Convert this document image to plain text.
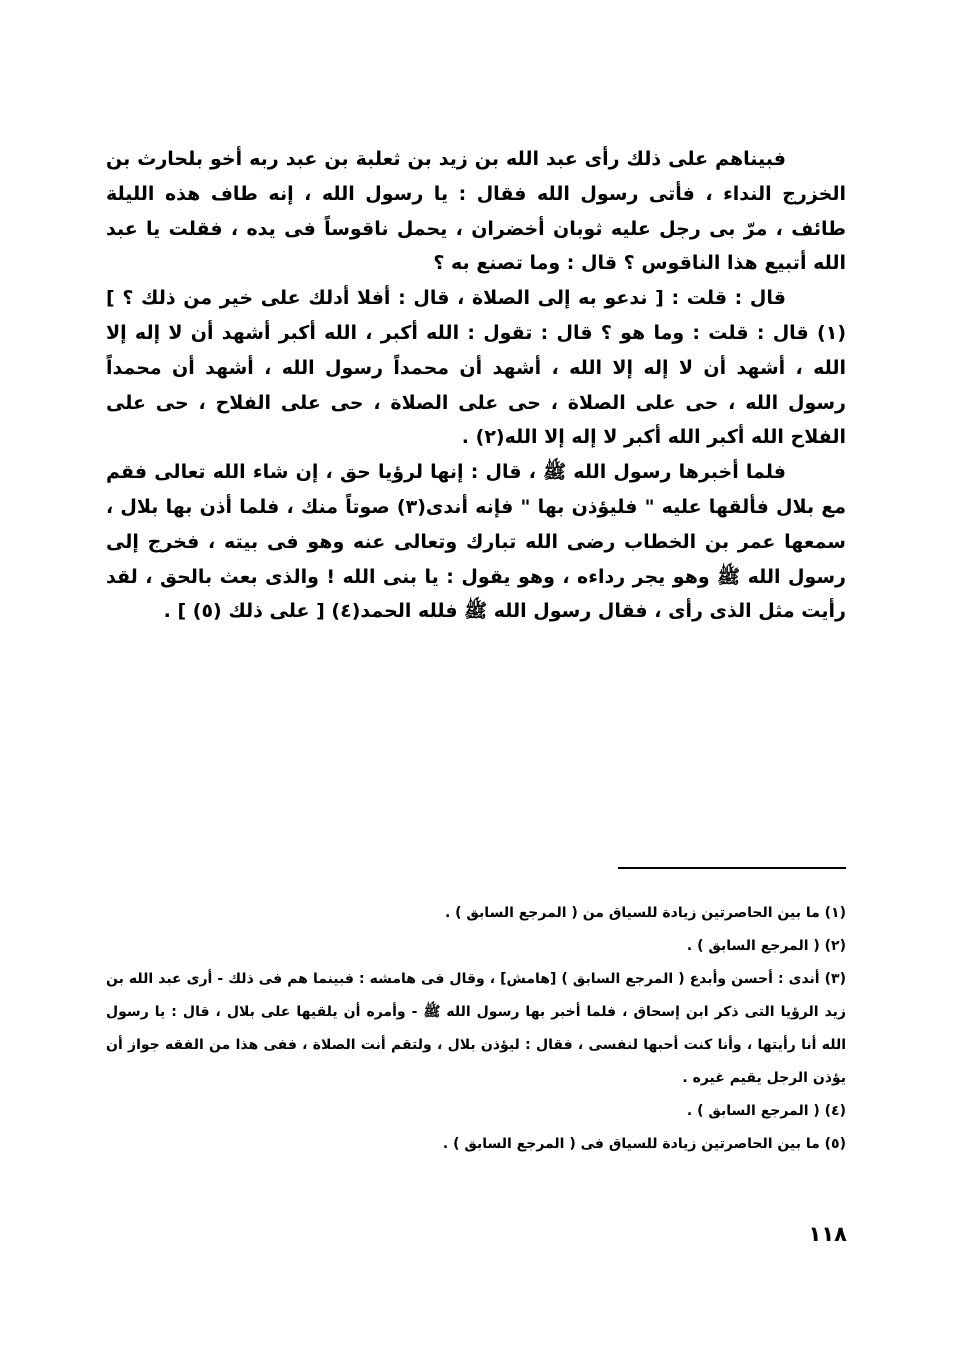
فبيناهم على ذلك رأى عبد الله بن زيد بن ثعلبة بن عبد ربه أخو بلحارث بن الخزرج النداء ، فأتى رسول الله فقال : يا رسول الله ، إنه طاف هذه الليلة طائف ، مرّ بى رجل عليه ثوبان أخضران ، يحمل ناقوساً فى يده ، فقلت يا عبد الله أتبيع هذا الناقوس ؟ قال : وما تصنع به ؟

قال : قلت : [ ندعو به إلى الصلاة ، قال : أفلا أدلك على خير من ذلك ؟ ](١) قال : قلت : وما هو ؟ قال : تقول : الله أكبر ، الله أكبر أشهد أن لا إله إلا الله ، أشهد أن لا إله إلا الله ، أشهد أن محمداً رسول الله ، أشهد أن محمداً رسول الله ، حى على الصلاة ، حى على الصلاة ، حى على الفلاح ، حى على الفلاح الله أكبر الله أكبر لا إله إلا الله(٢) .

فلما أخبرها رسول الله ﷺ ، قال : إنها لرؤيا حق ، إن شاء الله تعالى فقم مع بلال فألقها عليه " فليؤذن بها " فإنه أندى(٣) صوتاً منك ، فلما أذن بها بلال ، سمعها عمر بن الخطاب رضى الله تبارك وتعالى عنه وهو فى بيته ، فخرج إلى رسول الله ﷺ وهو يجر رداءه ، وهو يقول : يا بنى الله ! والذى بعث بالحق ، لقد رأيت مثل الذى رأى ، فقال رسول الله ﷺ فلله الحمد(٤) [ على ذلك (٥) ] .

(١) ما بين الحاصرتين زيادة للسياق من ( المرجع السابق ) .

(٢) ( المرجع السابق ) .

(٣) أندى : أحسن وأبدع ( المرجع السابق ) [هامش] ، وقال فى هامشه : فبينما هم فى ذلك - أرى عبد الله بن زيد الرؤيا التى ذكر ابن إسحاق ، فلما أخبر بها رسول الله ﷺ - وأمره أن يلقيها على بلال ، قال : يا رسول الله أنا رأيتها ، وأنا كنت أحبها لنفسى ، فقال : ليؤذن بلال ، ولتقم أنت الصلاة ، ففى هذا من الفقه جواز أن يؤذن الرجل يقيم غيره .

(٤) ( المرجع السابق ) .

(٥) ما بين الحاصرتين زيادة للسياق فى ( المرجع السابق ) .

١١٨
